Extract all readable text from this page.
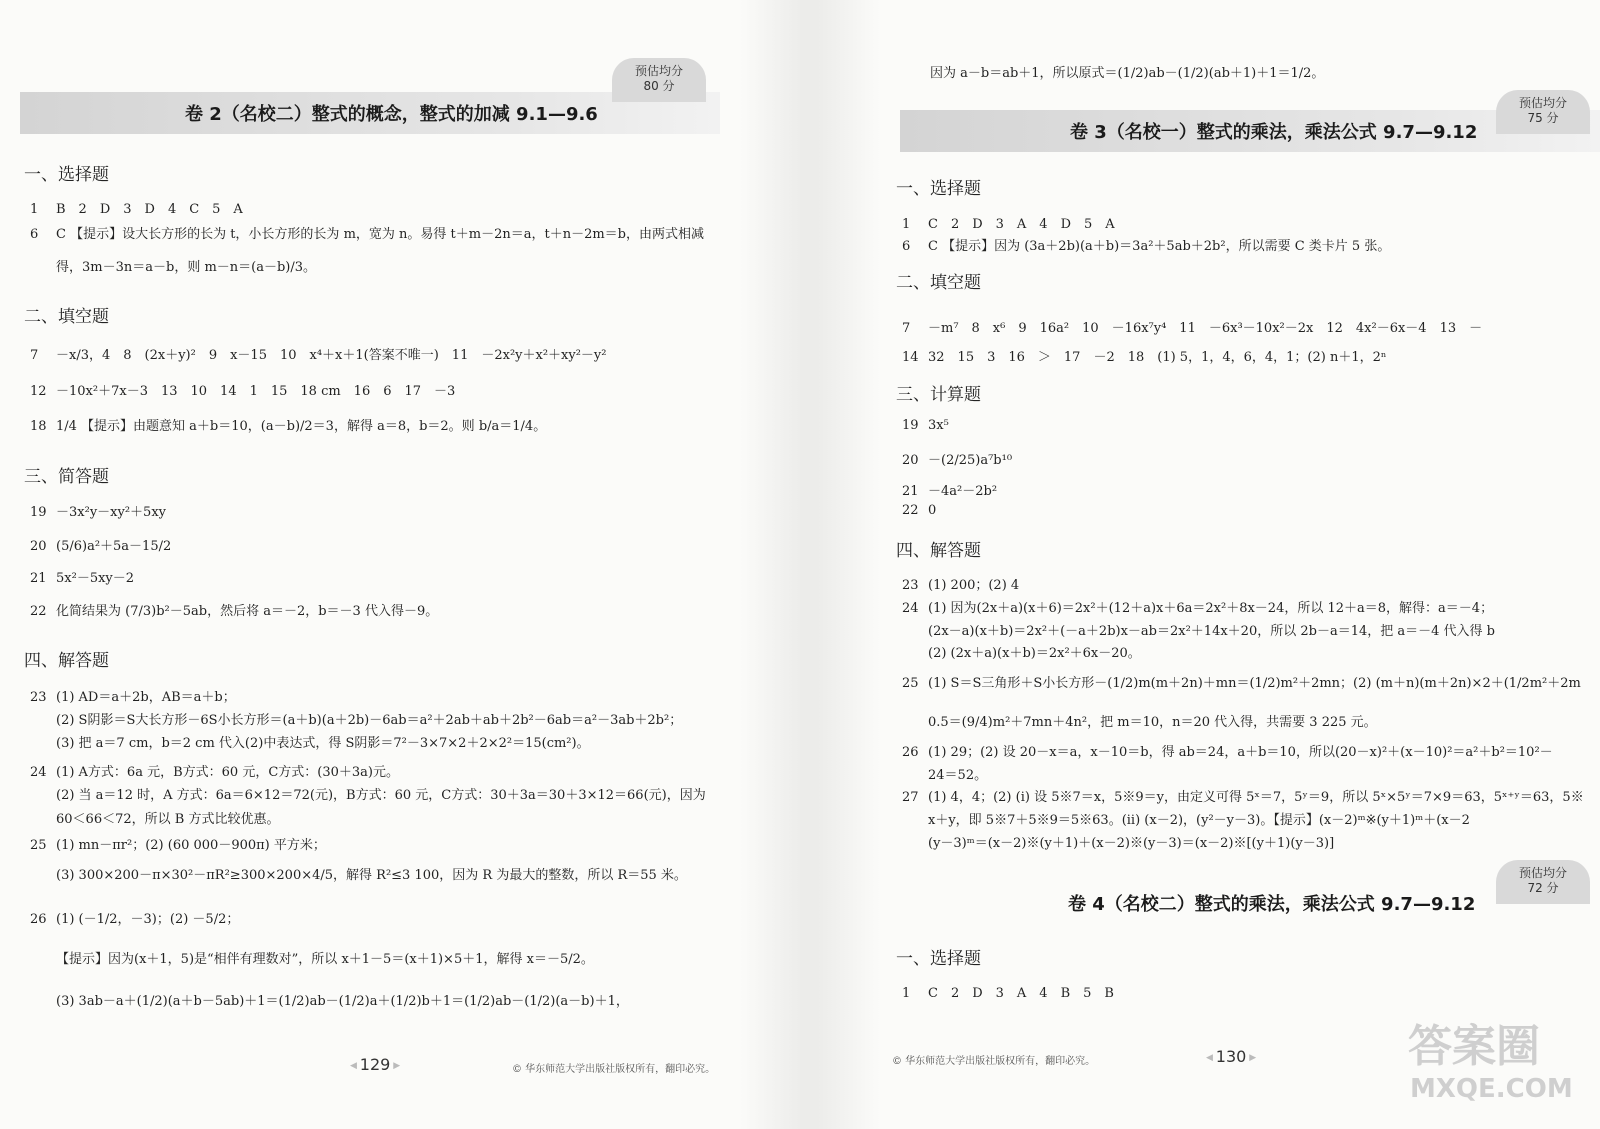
卷 2（名校二）整式的概念，整式的加减 9.1—9.6
预估均分
80 分
一、选择题
1 B　2　D　3　D　4　C　5　A
6 C 【提示】设大长方形的长为 t，小长方形的长为 m，宽为 n。易得 t＋m－2n＝a，t＋n－2m＝b，由两式相减
得，3m－3n＝a－b，则 m－n＝(a－b)/3。
二、填空题
7 －x/3，4　8　(2x＋y)²　9　x－15　10　x⁴＋x＋1(答案不唯一)　11　－2x²y＋x²＋xy²－y²
12 －10x²＋7x－3　13　10　14　1　15　18 cm　16　6　17　－3
18 1/4 【提示】由题意知 a＋b＝10，(a－b)/2＝3，解得 a＝8，b＝2。则 b/a＝1/4。
三、简答题
19 －3x²y－xy²＋5xy
20 (5/6)a²＋5a－15/2
21 5x²－5xy－2
22 化简结果为 (7/3)b²－5ab，然后将 a＝－2，b＝－3 代入得－9。
四、解答题
23 (1) AD＝a＋2b，AB＝a＋b；
(2) S阴影＝S大长方形－6S小长方形＝(a＋b)(a＋2b)－6ab＝a²＋2ab＋ab＋2b²－6ab＝a²－3ab＋2b²；
(3) 把 a＝7 cm，b＝2 cm 代入(2)中表达式，得 S阴影＝7²－3×7×2＋2×2²＝15(cm²)。
24 (1) A方式：6a 元，B方式：60 元，C方式：(30＋3a)元。
(2) 当 a＝12 时，A 方式：6a＝6×12＝72(元)，B方式：60 元，C方式：30＋3a＝30＋3×12＝66(元)，因为
60＜66＜72，所以 B 方式比较优惠。
25 (1) mn－πr²；(2) (60 000－900π) 平方米；
(3) 300×200－π×30²－πR²≥300×200×4/5，解得 R²≤3 100，因为 R 为最大的整数，所以 R＝55 米。
26 (1) (－1/2，－3)；(2) －5/2；
【提示】因为(x＋1，5)是“相伴有理数对”，所以 x＋1－5＝(x＋1)×5＋1，解得 x＝－5/2。
(3) 3ab－a＋(1/2)(a＋b－5ab)＋1＝(1/2)ab－(1/2)a＋(1/2)b＋1＝(1/2)ab－(1/2)(a－b)＋1，
◀ 129 ▶	© 华东师范大学出版社版权所有，翻印必究。
因为 a－b＝ab＋1，所以原式＝(1/2)ab－(1/2)(ab＋1)＋1＝1/2。
卷 3（名校一）整式的乘法，乘法公式 9.7—9.12
预估均分
75 分
一、选择题
1 C　2　D　3　A　4　D　5　A
6 C 【提示】因为 (3a＋2b)(a＋b)＝3a²＋5ab＋2b²，所以需要 C 类卡片 5 张。
二、填空题
7 －m⁷　8　x⁶　9　16a²　10　－16x⁷y⁴　11　－6x³－10x²－2x　12　4x²－6x－4　13　－
14 32　15　3　16　＞　17　－2　18　(1) 5，1，4，6，4，1；(2) n＋1，2ⁿ
三、计算题
19 3x⁵
20 －(2/25)a⁷b¹⁰
21 －4a²－2b²
22 0
四、解答题
23 (1) 200；(2) 4
24 (1) 因为(2x＋a)(x＋6)＝2x²＋(12＋a)x＋6a＝2x²＋8x－24，所以 12＋a＝8，解得：a＝－4；
(2x－a)(x＋b)＝2x²＋(－a＋2b)x－ab＝2x²＋14x＋20，所以 2b－a＝14，把 a＝－4 代入得 b
(2) (2x＋a)(x＋b)＝2x²＋6x－20。
25 (1) S＝S三角形＋S小长方形－(1/2)m(m＋2n)＋mn＝(1/2)m²＋2mn；(2) (m＋n)(m＋2n)×2＋(1/2m²＋2m
0.5＝(9/4)m²＋7mn＋4n²，把 m＝10，n＝20 代入得，共需要 3 225 元。
26 (1) 29；(2) 设 20－x＝a，x－10＝b，得 ab＝24，a＋b＝10，所以(20－x)²＋(x－10)²＝a²＋b²＝10²－
24＝52。
27 (1) 4，4；(2) (i) 设 5※7＝x，5※9＝y，由定义可得 5ˣ＝7，5ʸ＝9，所以 5ˣ×5ʸ＝7×9＝63，5ˣ⁺ʸ＝63，5※
x＋y，即 5※7＋5※9＝5※63。(ii) (x－2)，(y²－y－3)。【提示】(x－2)ᵐ※(y＋1)ᵐ＋(x－2
(y－3)ᵐ＝(x－2)※(y＋1)＋(x－2)※(y－3)＝(x－2)※[(y＋1)(y－3)]
卷 4（名校二）整式的乘法，乘法公式 9.7—9.12
预估均分
72 分
一、选择题
1 C　2　D　3　A　4　B　5　B
© 华东师范大学出版社版权所有，翻印必究。
◀	130 ▶	答案圈
MXQE.COM
